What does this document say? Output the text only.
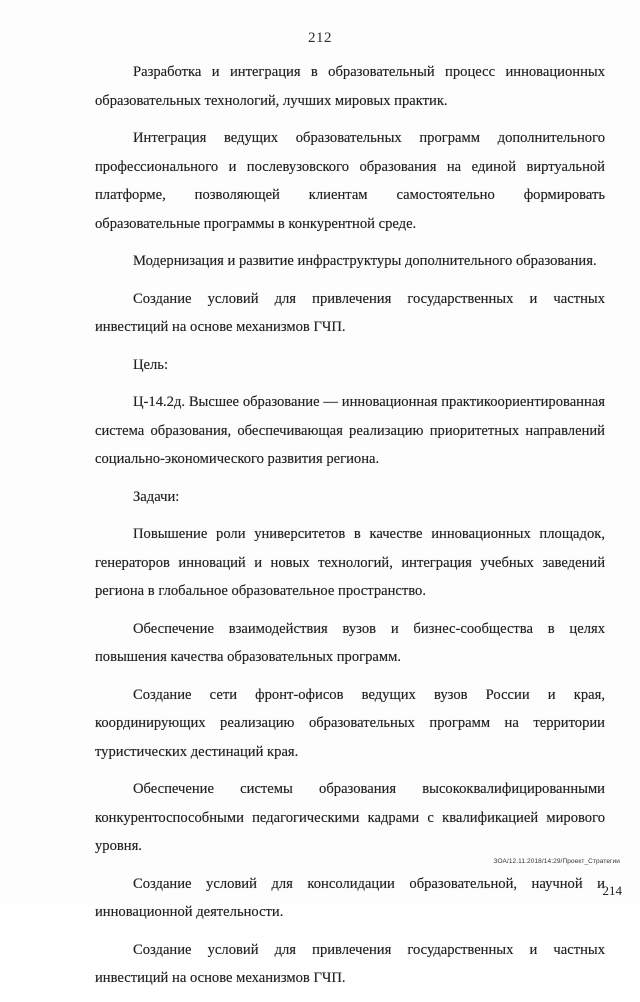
212

Разработка и интеграция в образовательный процесс инновационных образовательных технологий, лучших мировых практик.

Интеграция ведущих образовательных программ дополнительного профессионального и послевузовского образования на единой виртуальной платформе, позволяющей клиентам самостоятельно формировать образовательные программы в конкурентной среде.

Модернизация и развитие инфраструктуры дополнительного образования.

Создание условий для привлечения государственных и частных инвестиций на основе механизмов ГЧП.

Цель:

Ц-14.2д. Высшее образование — инновационная практикоориентированная система образования, обеспечивающая реализацию приоритетных направлений социально-экономического развития региона.

Задачи:

Повышение роли университетов в качестве инновационных площадок, генераторов инноваций и новых технологий, интеграция учебных заведений региона в глобальное образовательное пространство.

Обеспечение взаимодействия вузов и бизнес-сообщества в целях повышения качества образовательных программ.

Создание сети фронт-офисов ведущих вузов России и края, координирующих реализацию образовательных программ на территории туристических дестинаций края.

Обеспечение системы образования высококвалифицированными конкурентоспособными педагогическими кадрами с квалификацией мирового уровня.

Создание условий для консолидации образовательной, научной и инновационной деятельности.

Создание условий для привлечения государственных и частных инвестиций на основе механизмов ГЧП.

ЗОА/12.11.2018/14:29/Проект_Стратегии
214
